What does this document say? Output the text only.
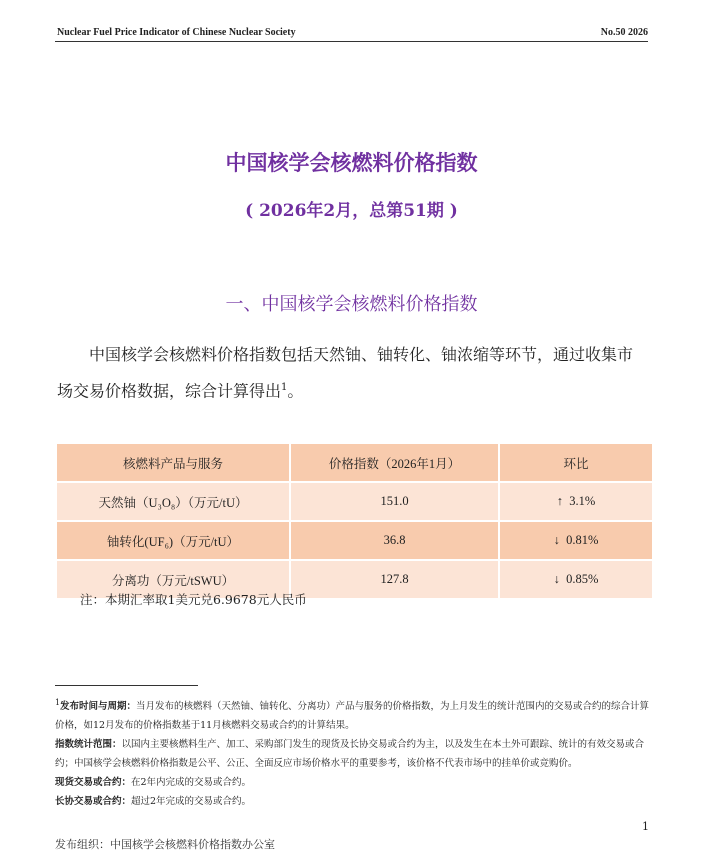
Nuclear Fuel Price Indicator of Chinese Nuclear Society	No.50 2026
中国核学会核燃料价格指数
( 2026年2月，总第51期 )
一、中国核学会核燃料价格指数
中国核学会核燃料价格指数包括天然铀、铀转化、铀浓缩等环节，通过收集市场交易价格数据，综合计算得出$^1$。
核燃料产品与服务	价格指数（2026年1月）	环比
天然铀（U₃O₈）（万元/tU）	151.0	↑ 3.1%
铀转化(UF₆)（万元/tU）	36.8	↓ 0.81%
分离功（万元/tSWU）	127.8	↓ 0.85%
注：本期汇率取1美元兑6.9678元人民币
$^1$发布时间与周期：当月发布的核燃料（天然铀、铀转化、分离功）产品与服务的价格指数，为上月发生的统计范围内的交易或合约的综合计算价格，如12月发布的价格指数基于11月核燃料交易或合约的计算结果。
指数统计范围：以国内主要核燃料生产、加工、采购部门发生的现货及长协交易或合约为主，以及发生在本土外可跟踪、统计的有效交易或合约；中国核学会核燃料价格指数是公平、公正、全面反应市场价格水平的重要参考，该价格不代表市场中的挂单价或竞购价。
现货交易或合约：在2年内完成的交易或合约。
长协交易或合约：超过2年完成的交易或合约。
1
发布组织：中国核学会核燃料价格指数办公室
